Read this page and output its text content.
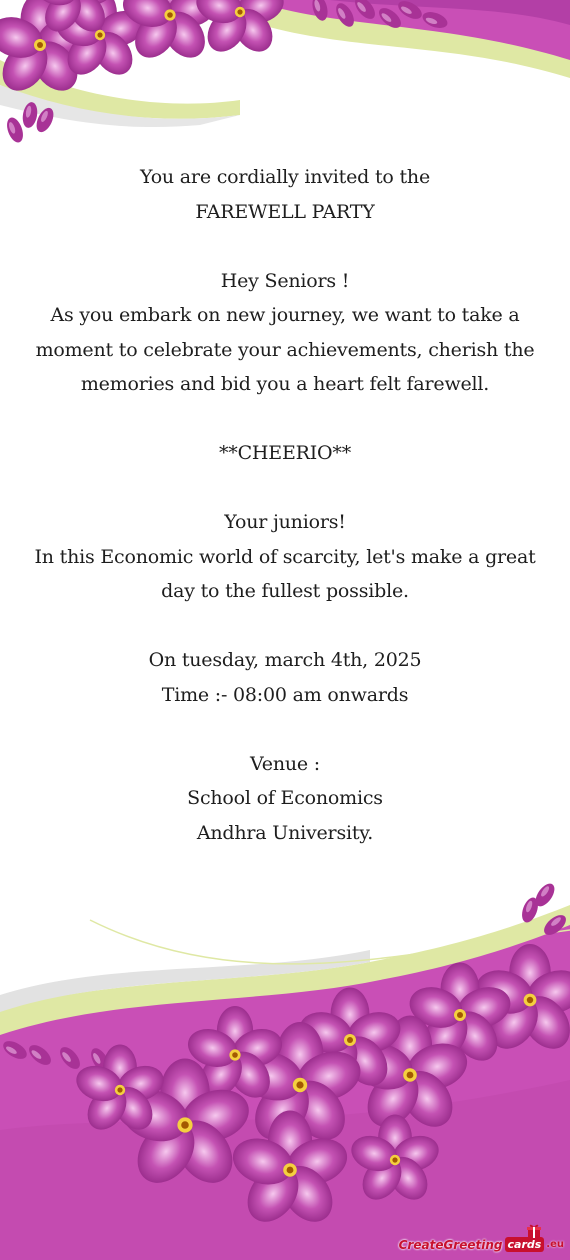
You are cordially invited to the

FAREWELL PARTY

Hey Seniors !

As you embark on new journey, we want to take a moment to celebrate your achievements, cherish the memories and bid you a heart felt farewell.

**CHEERIO**

Your juniors!

In this Economic world of scarcity, let's make a great day to the fullest possible.

On tuesday, march 4th, 2025

Time :- 08:00 am onwards

Venue :

School of Economics

Andhra University.

CreateGreeting cards .eu
